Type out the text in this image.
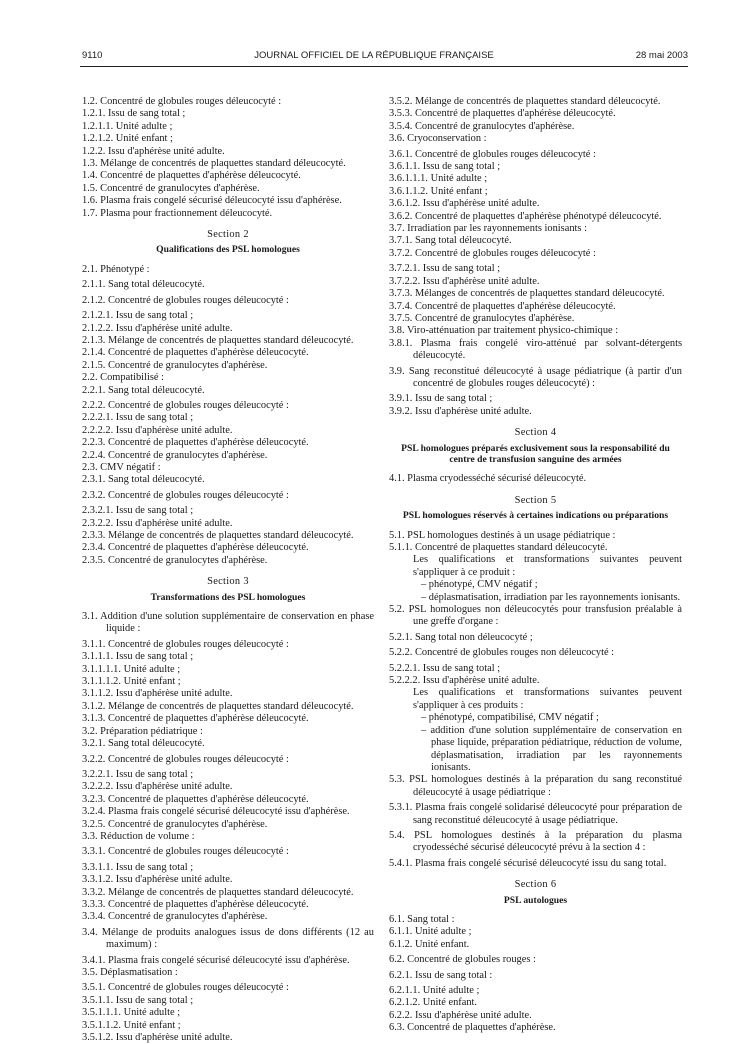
9110	JOURNAL OFFICIEL DE LA RÉPUBLIQUE FRANÇAISE	28 mai 2003
1.2. Concentré de globules rouges déleucocyté :
1.2.1. Issu de sang total ;
1.2.1.1. Unité adulte ;
1.2.1.2. Unité enfant ;
1.2.2. Issu d'aphérèse unité adulte.
1.3. Mélange de concentrés de plaquettes standard déleucocyté.
1.4. Concentré de plaquettes d'aphérèse déleucocyté.
1.5. Concentré de granulocytes d'aphérèse.
1.6. Plasma frais congelé sécurisé déleucocyté issu d'aphérèse.
1.7. Plasma pour fractionnement déleucocyté.
Section 2
Qualifications des PSL homologues
2.1. Phénotypé :
2.1.1. Sang total déleucocyté.
2.1.2. Concentré de globules rouges déleucocyté :
2.1.2.1. Issu de sang total ;
2.1.2.2. Issu d'aphérèse unité adulte.
2.1.3. Mélange de concentrés de plaquettes standard déleucocyté.
2.1.4. Concentré de plaquettes d'aphérèse déleucocyté.
2.1.5. Concentré de granulocytes d'aphérèse.
2.2. Compatibilisé :
2.2.1. Sang total déleucocyté.
2.2.2. Concentré de globules rouges déleucocyté :
2.2.2.1. Issu de sang total ;
2.2.2.2. Issu d'aphérèse unité adulte.
2.2.3. Concentré de plaquettes d'aphérèse déleucocyté.
2.2.4. Concentré de granulocytes d'aphérèse.
2.3. CMV négatif :
2.3.1. Sang total déleucocyté.
2.3.2. Concentré de globules rouges déleucocyté :
2.3.2.1. Issu de sang total ;
2.3.2.2. Issu d'aphérèse unité adulte.
2.3.3. Mélange de concentrés de plaquettes standard déleucocyté.
2.3.4. Concentré de plaquettes d'aphérèse déleucocyté.
2.3.5. Concentré de granulocytes d'aphérèse.
Section 3
Transformations des PSL homologues
3.1. Addition d'une solution supplémentaire de conservation en phase liquide :
3.1.1. Concentré de globules rouges déleucocyté :
3.1.1.1. Issu de sang total ;
3.1.1.1.1. Unité adulte ;
3.1.1.1.2. Unité enfant ;
3.1.1.2. Issu d'aphérèse unité adulte.
3.1.2. Mélange de concentrés de plaquettes standard déleucocyté.
3.1.3. Concentré de plaquettes d'aphérèse déleucocyté.
3.2. Préparation pédiatrique :
3.2.1. Sang total déleucocyté.
3.2.2. Concentré de globules rouges déleucocyté :
3.2.2.1. Issu de sang total ;
3.2.2.2. Issu d'aphérèse unité adulte.
3.2.3. Concentré de plaquettes d'aphérèse déleucocyté.
3.2.4. Plasma frais congelé sécurisé déleucocyté issu d'aphérèse.
3.2.5. Concentré de granulocytes d'aphérèse.
3.3. Réduction de volume :
3.3.1. Concentré de globules rouges déleucocyté :
3.3.1.1. Issu de sang total ;
3.3.1.2. Issu d'aphérèse unité adulte.
3.3.2. Mélange de concentrés de plaquettes standard déleucocyté.
3.3.3. Concentré de plaquettes d'aphérèse déleucocyté.
3.3.4. Concentré de granulocytes d'aphérèse.
3.4. Mélange de produits analogues issus de dons différents (12 au maximum) :
3.4.1. Plasma frais congelé sécurisé déleucocyté issu d'aphérèse.
3.5. Déplasmatisation :
3.5.1. Concentré de globules rouges déleucocyté :
3.5.1.1. Issu de sang total ;
3.5.1.1.1. Unité adulte ;
3.5.1.1.2. Unité enfant ;
3.5.1.2. Issu d'aphérèse unité adulte.
3.5.2. Mélange de concentrés de plaquettes standard déleucocyté.
3.5.3. Concentré de plaquettes d'aphérèse déleucocyté.
3.5.4. Concentré de granulocytes d'aphérèse.
3.6. Cryoconservation :
3.6.1. Concentré de globules rouges déleucocyté :
3.6.1.1. Issu de sang total ;
3.6.1.1.1. Unité adulte ;
3.6.1.1.2. Unité enfant ;
3.6.1.2. Issu d'aphérèse unité adulte.
3.6.2. Concentré de plaquettes d'aphérèse phénotypé déleucocyté.
3.7. Irradiation par les rayonnements ionisants :
3.7.1. Sang total déleucocyté.
3.7.2. Concentré de globules rouges déleucocyté :
3.7.2.1. Issu de sang total ;
3.7.2.2. Issu d'aphérèse unité adulte.
3.7.3. Mélanges de concentrés de plaquettes standard déleucocyté.
3.7.4. Concentré de plaquettes d'aphérèse déleucocyté.
3.7.5. Concentré de granulocytes d'aphérèse.
3.8. Viro-atténuation par traitement physico-chimique :
3.8.1. Plasma frais congelé viro-atténué par solvant-détergents déleucocyté.
3.9. Sang reconstitué déleucocyté à usage pédiatrique (à partir d'un concentré de globules rouges déleucocyté) :
3.9.1. Issu de sang total ;
3.9.2. Issu d'aphérèse unité adulte.
Section 4
PSL homologues préparés exclusivement sous la responsabilité du centre de transfusion sanguine des armées
4.1. Plasma cryodesséché sécurisé déleucocyté.
Section 5
PSL homologues réservés à certaines indications ou préparations
5.1. PSL homologues destinés à un usage pédiatrique :
5.1.1. Concentré de plaquettes standard déleucocyté.
Les qualifications et transformations suivantes peuvent s'appliquer à ce produit :
– phénotypé, CMV négatif ;
– déplasmatisation, irradiation par les rayonnements ionisants.
5.2. PSL homologues non déleucocytés pour transfusion préalable à une greffe d'organe :
5.2.1. Sang total non déleucocyté ;
5.2.2. Concentré de globules rouges non déleucocyté :
5.2.2.1. Issu de sang total ;
5.2.2.2. Issu d'aphérèse unité adulte.
Les qualifications et transformations suivantes peuvent s'appliquer à ces produits :
– phénotypé, compatibilisé, CMV négatif ;
– addition d'une solution supplémentaire de conservation en phase liquide, préparation pédiatrique, réduction de volume, déplasmatisation, irradiation par les rayonnements ionisants.
5.3. PSL homologues destinés à la préparation du sang reconstitué déleucocyté à usage pédiatrique :
5.3.1. Plasma frais congelé solidarisé déleucocyté pour préparation de sang reconstitué déleucocyté à usage pédiatrique.
5.4. PSL homologues destinés à la préparation du plasma cryodesséché sécurisé déleucocyté prévu à la section 4 :
5.4.1. Plasma frais congelé sécurisé déleucocyté issu du sang total.
Section 6
PSL autologues
6.1. Sang total :
6.1.1. Unité adulte ;
6.1.2. Unité enfant.
6.2. Concentré de globules rouges :
6.2.1. Issu de sang total :
6.2.1.1. Unité adulte ;
6.2.1.2. Unité enfant.
6.2.2. Issu d'aphérèse unité adulte.
6.3. Concentré de plaquettes d'aphérèse.
